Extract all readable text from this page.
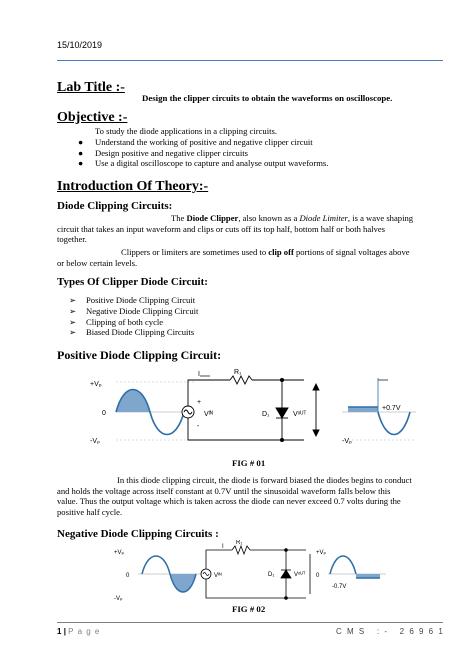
15/10/2019
Lab Title :-
Design the clipper circuits to obtain the waveforms on oscilloscope.
Objective :-
To study the diode applications in a clipping circuits.
● Understand the working of positive and negative clipper circuit
● Design positive and negative clipper circuits
● Use a digital oscilloscope to capture and analyse output waveforms.
Introduction Of Theory:-
Diode Clipping Circuits:
The Diode Clipper, also known as a Diode Limiter, is a wave shaping
circuit that takes an input waveform and clips or cuts off its top half, bottom half or both halves
together.
Clippers or limiters are sometimes used to clip off portions of signal voltages above
or below certain levels.
Types Of Clipper Diode Circuit:
➢ Positive Diode Clipping Circuit
➢ Negative Diode Clipping Circuit
➢ Clipping of both cycle
➢ Biased Diode Clipping Circuits
Positive Diode Clipping Circuit:
+Vₚ
0
-Vₚ
I	R₁
+
-
Vᴵᴺ	D₁	Vᵒᵁᵀ
+0.7V
-Vₚ
FIG # 01
In this diode clipping circuit, the diode is forward biased the diodes begins to conduct
and holds the voltage across itself constant at 0.7V until the sinusoidal waveform falls below this
value. Thus the output voltage which is taken across the diode can never exceed 0.7 volts during the
positive half cycle.
Negative Diode Clipping Circuits :
+Vₚ
0
-Vₚ
I
R₁
Vᴵᴺ	D₁	Vᵒᵁᵀ
+Vₚ
0
-0.7V
FIG # 02
1 | P a g e	C M S   : -   2 6 9 6 1
